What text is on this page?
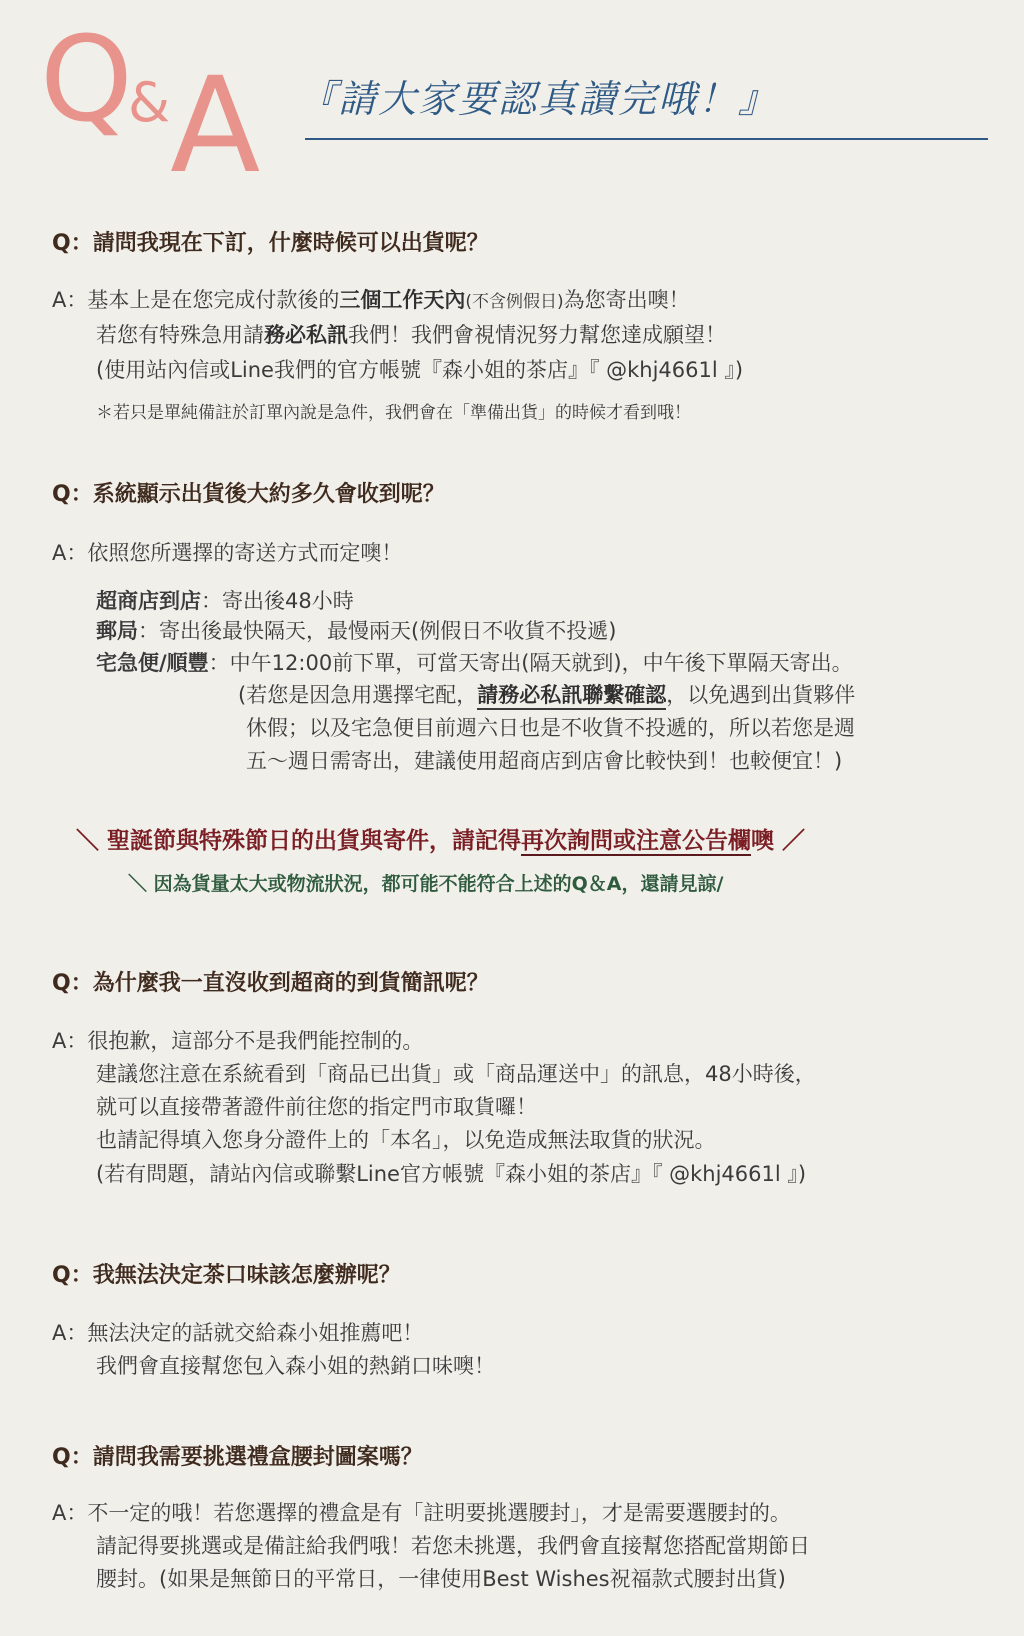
Q
& A 『請大家要認真讀完哦！』
Q：請問我現在下訂，什麼時候可以出貨呢？
A：基本上是在您完成付款後的三個工作天內(不含例假日)為您寄出噢！
若您有特殊急用請務必私訊我們！我們會視情況努力幫您達成願望！
(使用站內信或Line我們的官方帳號『森小姐的茶店』『 @khj4661l 』)
＊若只是單純備註於訂單內說是急件，我們會在「準備出貨」的時候才看到哦！
Q：系統顯示出貨後大約多久會收到呢？
A：依照您所選擇的寄送方式而定噢！
超商店到店：寄出後48小時
郵局：寄出後最快隔天，最慢兩天(例假日不收貨不投遞)
宅急便/順豐：中午12:00前下單，可當天寄出(隔天就到)，中午後下單隔天寄出。
(若您是因急用選擇宅配，請務必私訊聯繫確認，以免遇到出貨夥伴
休假；以及宅急便目前週六日也是不收貨不投遞的，所以若您是週
五～週日需寄出，建議使用超商店到店會比較快到！也較便宜！)
＼ 聖誕節與特殊節日的出貨與寄件，請記得再次詢問或注意公告欄噢 ／
＼ 因為貨量太大或物流狀況，都可能不能符合上述的Q＆A，還請見諒/
Q：為什麼我一直沒收到超商的到貨簡訊呢？
A：很抱歉，這部分不是我們能控制的。
建議您注意在系統看到「商品已出貨」或「商品運送中」的訊息，48小時後，
就可以直接帶著證件前往您的指定門市取貨囉！
也請記得填入您身分證件上的「本名」，以免造成無法取貨的狀況。
(若有問題，請站內信或聯繫Line官方帳號『森小姐的茶店』『 @khj4661l 』)
Q：我無法決定茶口味該怎麼辦呢？
A：無法決定的話就交給森小姐推薦吧！
我們會直接幫您包入森小姐的熱銷口味噢！
Q：請問我需要挑選禮盒腰封圖案嗎？
A：不一定的哦！若您選擇的禮盒是有「註明要挑選腰封」，才是需要選腰封的。
請記得要挑選或是備註給我們哦！若您未挑選，我們會直接幫您搭配當期節日
腰封。(如果是無節日的平常日，一律使用Best Wishes祝福款式腰封出貨)
